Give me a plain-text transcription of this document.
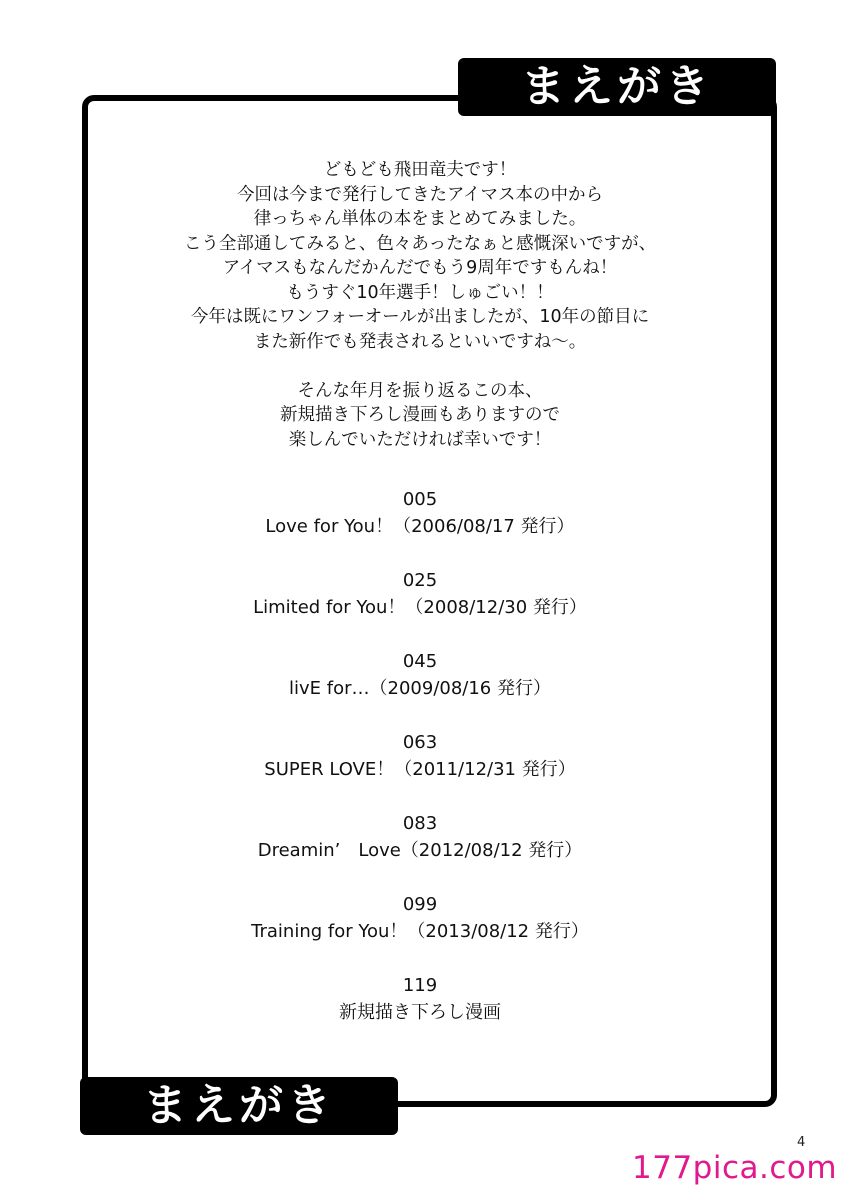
まえがき
どもども飛田竜夫です！
今回は今まで発行してきたアイマス本の中から
律っちゃん単体の本をまとめてみました。
こう全部通してみると、色々あったなぁと感慨深いですが、
アイマスもなんだかんだでもう9周年ですもんね！
もうすぐ10年選手！しゅごい！！
今年は既にワンフォーオールが出ましたが、10年の節目に
また新作でも発表されるといいですね～。
そんな年月を振り返るこの本、
新規描き下ろし漫画もありますので
楽しんでいただければ幸いです！
005
Love for You！（2006/08/17 発行）
025
Limited for You！（2008/12/30 発行）
045
livE for…（2009/08/16 発行）
063
SUPER LOVE！（2011/12/31 発行）
083
Dreamin’　Love（2012/08/12 発行）
099
Training for You！（2013/08/12 発行）
119
新規描き下ろし漫画
まえがき
4
177pica.com
